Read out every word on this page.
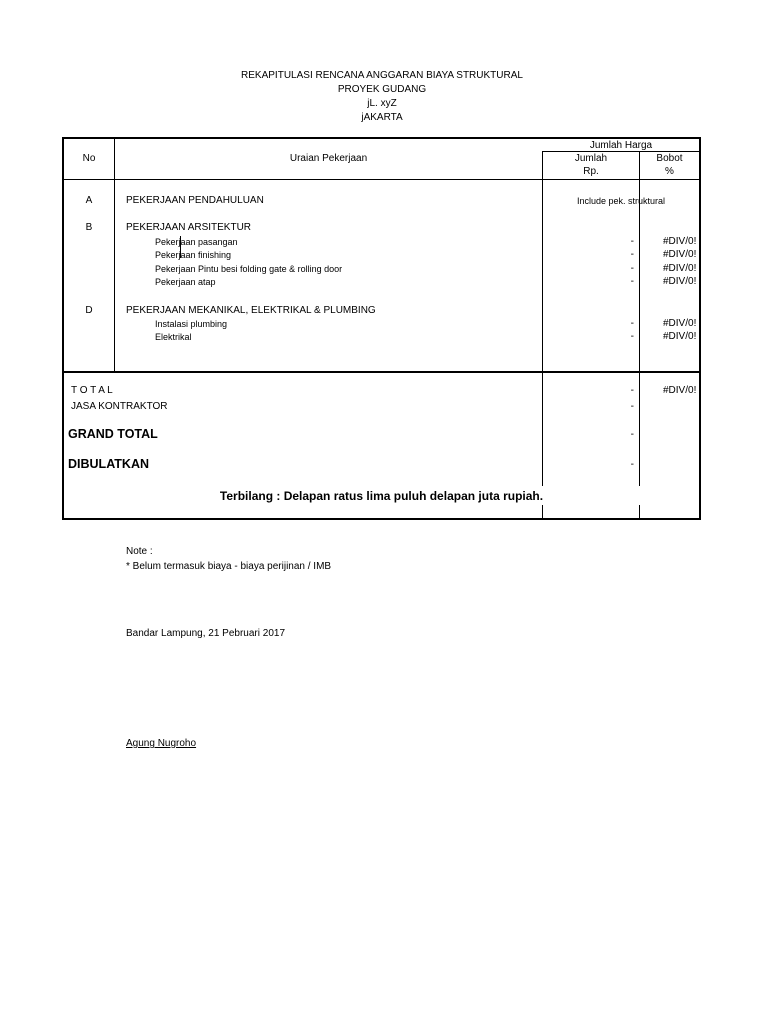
REKAPITULASI RENCANA ANGGARAN BIAYA STRUKTURAL
PROYEK GUDANG
jL. xyZ
jAKARTA
No	Uraian Pekerjaan
Jumlah Harga
Jumlah
Rp.
Bobot
%
A	PEKERJAAN PENDAHULUAN	Include pek. struktural
B	PEKERJAAN ARSITEKTUR
Pekerjaan pasangan	-	#DIV/0!
Pekerjaan finishing	-	#DIV/0!
Pekerjaan Pintu besi folding gate & rolling door	-	#DIV/0!
Pekerjaan atap	-	#DIV/0!
D	PEKERJAAN MEKANIKAL, ELEKTRIKAL & PLUMBING
Instalasi plumbing	-	#DIV/0!
Elektrikal	-	#DIV/0!
T O T A L	-	#DIV/0!
JASA KONTRAKTOR	-
GRAND TOTAL	-
DIBULATKAN	-
Terbilang : Delapan ratus lima puluh delapan juta rupiah.
Note :
* Belum termasuk biaya - biaya perijinan / IMB
Bandar Lampung, 21 Pebruari 2017
Agung Nugroho
